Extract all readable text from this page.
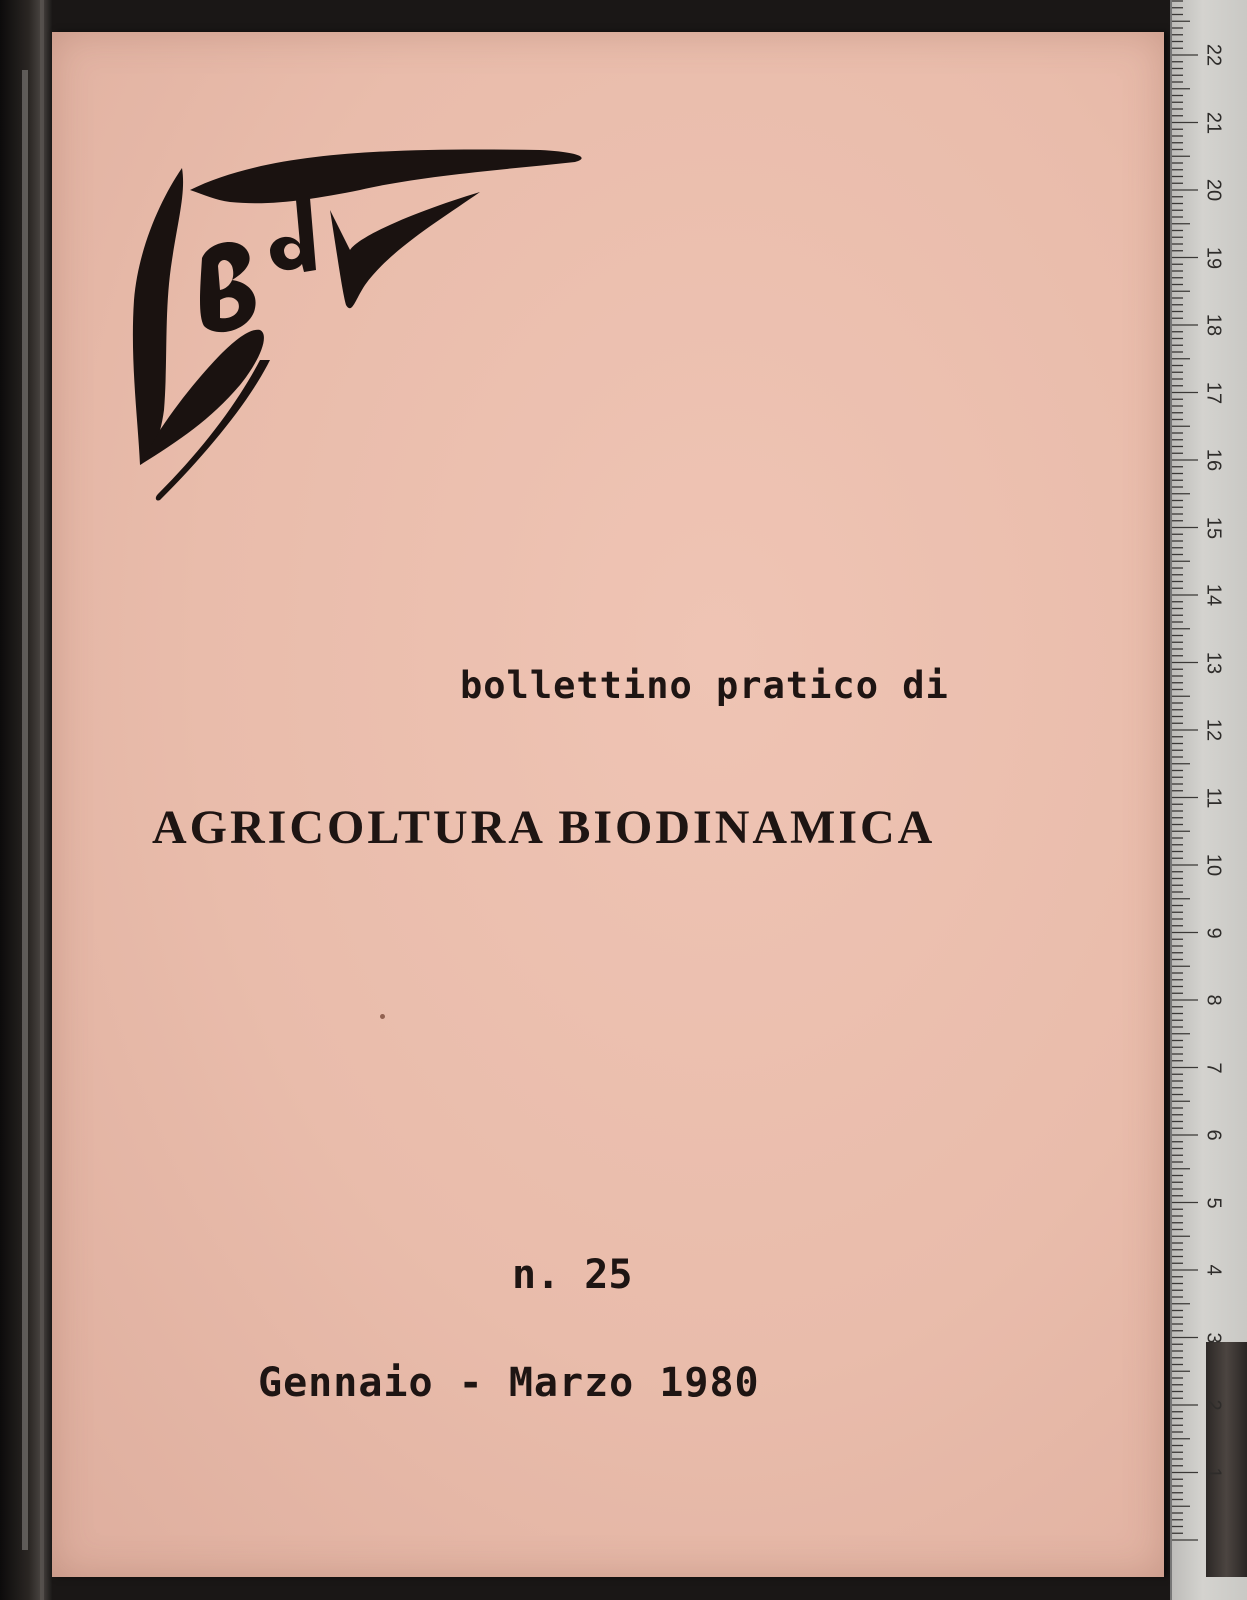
bollettino pratico di
AGRICOLTURA BIODINAMICA
n. 25
Gennaio - Marzo 1980
1
2
3
4
5
6
7
8
9
10
11
12
13
14
15
16
17
18
19
20
21
22
